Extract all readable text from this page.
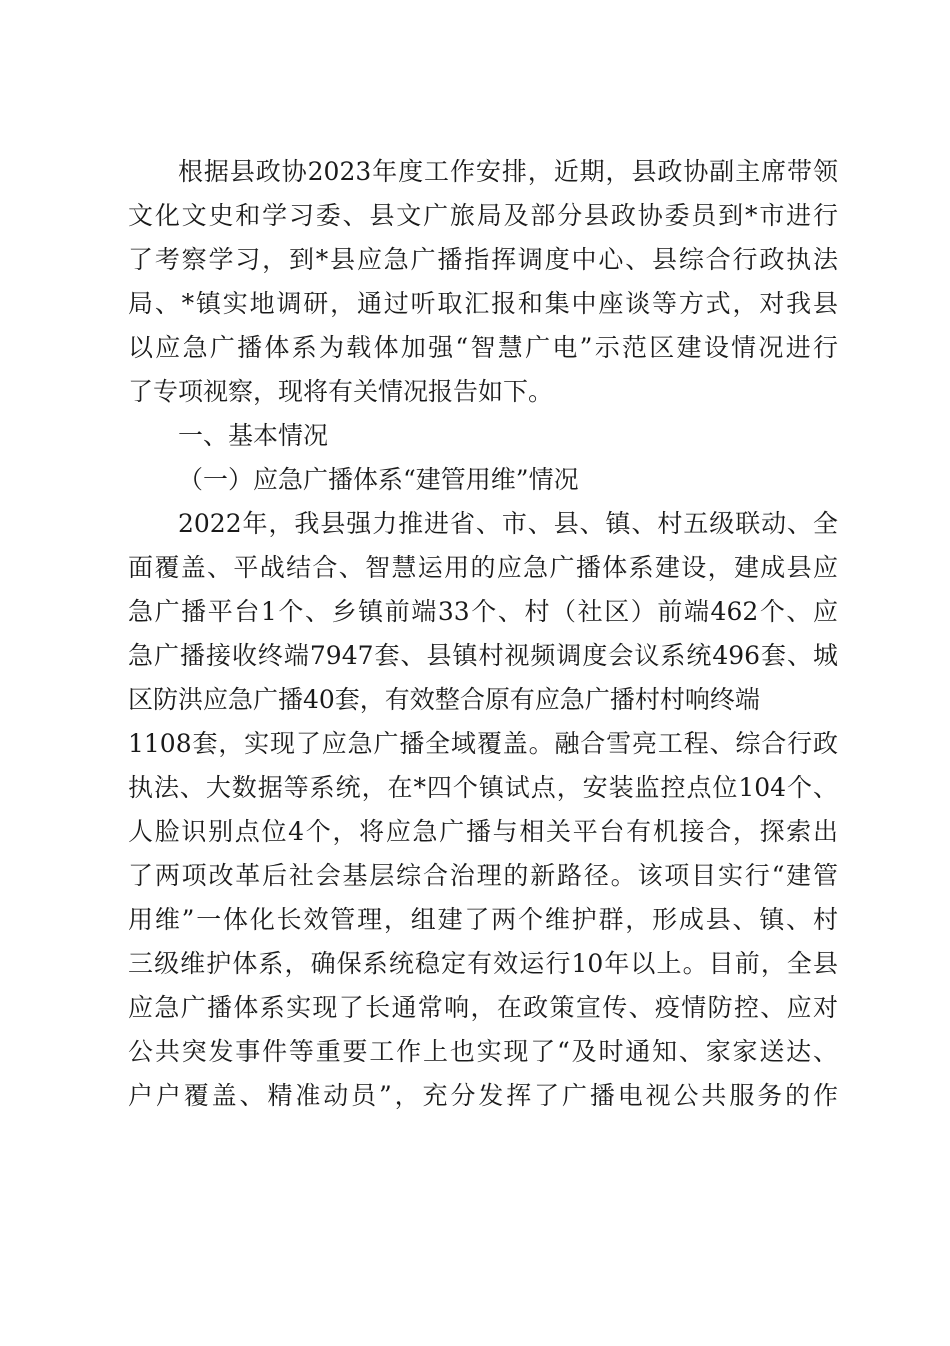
根据县政协2023年度工作安排，近期，县政协副主席带领
文化文史和学习委、县文广旅局及部分县政协委员到*市进行
了考察学习，到*县应急广播指挥调度中心、县综合行政执法
局、*镇实地调研，通过听取汇报和集中座谈等方式，对我县
以应急广播体系为载体加强“智慧广电”示范区建设情况进行
了专项视察，现将有关情况报告如下。
一、基本情况
（一）应急广播体系“建管用维”情况
2022年，我县强力推进省、市、县、镇、村五级联动、全
面覆盖、平战结合、智慧运用的应急广播体系建设，建成县应
急广播平台1个、乡镇前端33个、村（社区）前端462个、应
急广播接收终端7947套、县镇村视频调度会议系统496套、城
区防洪应急广播40套，有效整合原有应急广播村村响终端
1108套，实现了应急广播全域覆盖。融合雪亮工程、综合行政
执法、大数据等系统，在*四个镇试点，安装监控点位104个、
人脸识别点位4个，将应急广播与相关平台有机接合，探索出
了两项改革后社会基层综合治理的新路径。该项目实行“建管
用维”一体化长效管理，组建了两个维护群，形成县、镇、村
三级维护体系，确保系统稳定有效运行10年以上。目前，全县
应急广播体系实现了长通常响，在政策宣传、疫情防控、应对
公共突发事件等重要工作上也实现了“及时通知、家家送达、
户户覆盖、精准动员”，充分发挥了广播电视公共服务的作
